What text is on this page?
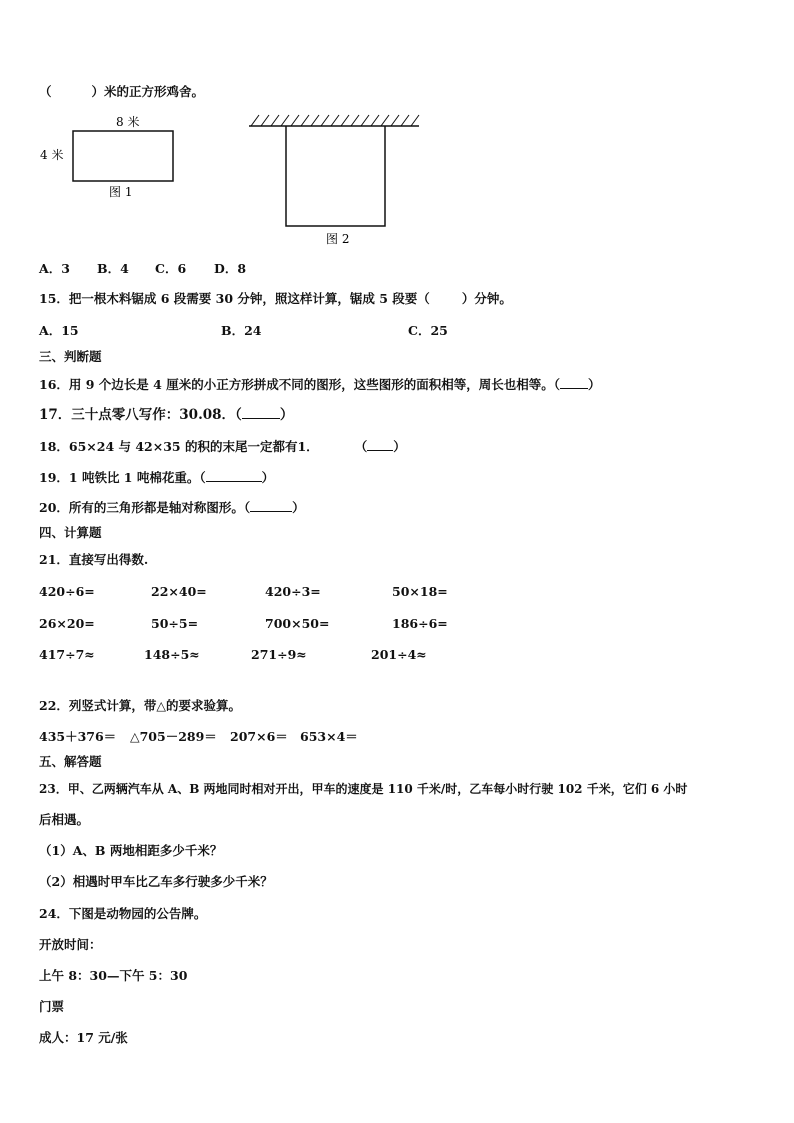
（	）米的正方形鸡舍。
8 米
4 米
图 1
图 2
A．3 B．4 C．6 D．8
15．把一根木料锯成 6 段需要 30 分钟，照这样计算，锯成 5 段要（	）分钟。
A．15	B．24	C．25
三、判断题
16．用 9 个边长是 4 厘米的小正方形拼成不同的图形，这些图形的面积相等，周长也相等。（ ）
17．三十点零八写作：30.08．（	）
18．65×24 与 42×35 的积的末尾一定都有1．	（ ）
19．1 吨铁比 1 吨棉花重。（	）
20．所有的三角形都是轴对称图形。（	）
四、计算题
21．直接写出得数.
420÷6=	22×40=	420÷3=	50×18=
26×20=	50÷5=	700×50=	186÷6=
417÷7≈	148÷5≈	271÷9≈	201÷4≈
22．列竖式计算，带△的要求验算。
435＋376＝ △705－289＝ 207×6＝ 653×4＝
五、解答题
23．甲、乙两辆汽车从 A、B 两地同时相对开出，甲车的速度是 110 千米/时，乙车每小时行驶 102 千米，它们 6 小时
后相遇。
（1）A、B 两地相距多少千米？
（2）相遇时甲车比乙车多行驶多少千米？
24．下图是动物园的公告牌。
开放时间：
上午 8：30—下午 5：30
门票
成人：17 元/张
